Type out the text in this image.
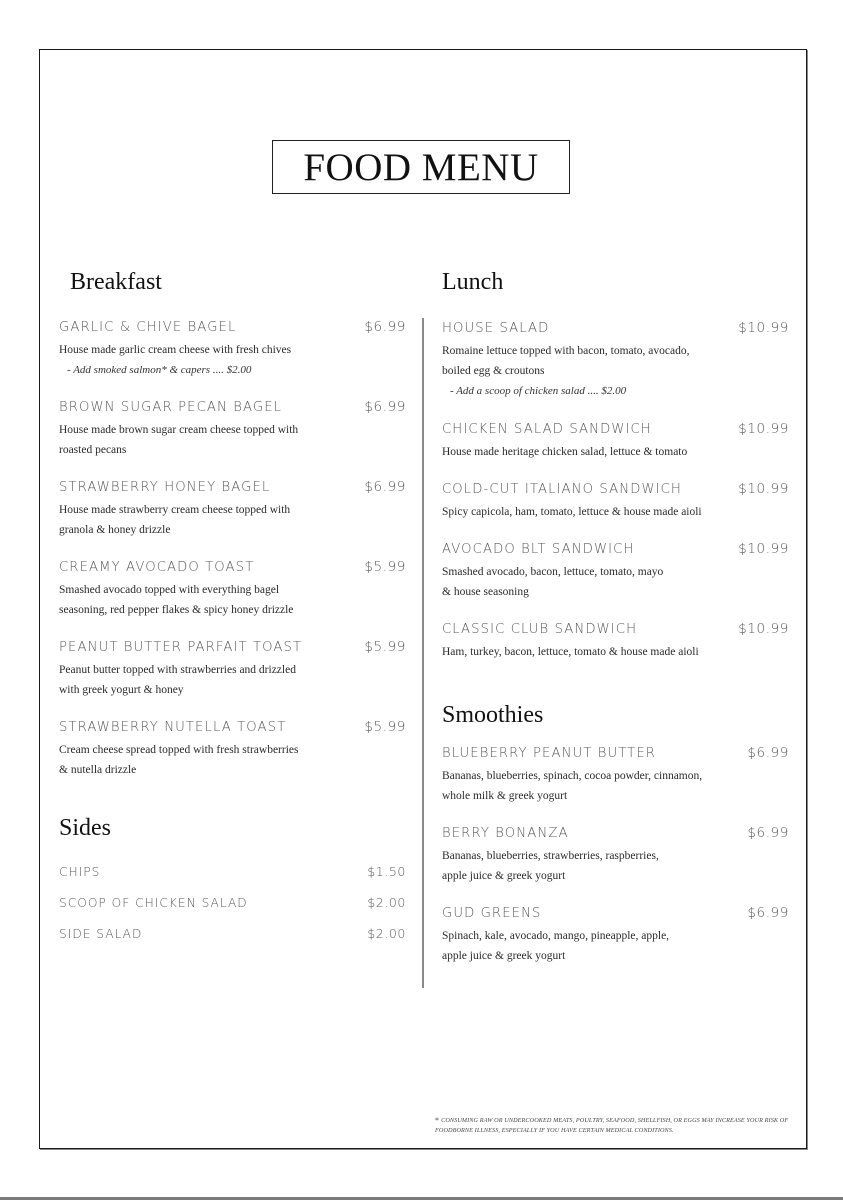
FOOD MENU
Breakfast
GARLIC & CHIVE BAGEL	$6.99
House made garlic cream cheese with fresh chives
- Add smoked salmon* & capers .... $2.00
BROWN SUGAR PECAN BAGEL	$6.99
House made brown sugar cream cheese topped with
roasted pecans
STRAWBERRY HONEY BAGEL	$6.99
House made strawberry cream cheese topped with
granola & honey drizzle
CREAMY AVOCADO TOAST	$5.99
Smashed avocado topped with everything bagel
seasoning, red pepper flakes & spicy honey drizzle
PEANUT BUTTER PARFAIT TOAST	$5.99
Peanut butter topped with strawberries and drizzled
with greek yogurt & honey
STRAWBERRY NUTELLA TOAST	$5.99
Cream cheese spread topped with fresh strawberries
& nutella drizzle
Sides
CHIPS	$1.50
SCOOP OF CHICKEN SALAD	$2.00
SIDE SALAD	$2.00
Lunch
HOUSE SALAD	$10.99
Romaine lettuce topped with bacon, tomato, avocado,
boiled egg & croutons
- Add a scoop of chicken salad .... $2.00
CHICKEN SALAD SANDWICH	$10.99
House made heritage chicken salad, lettuce & tomato
COLD-CUT ITALIANO SANDWICH	$10.99
Spicy capicola, ham, tomato, lettuce & house made aioli
AVOCADO BLT SANDWICH	$10.99
Smashed avocado, bacon, lettuce, tomato, mayo
& house seasoning
CLASSIC CLUB SANDWICH	$10.99
Ham, turkey, bacon, lettuce, tomato & house made aioli
Smoothies
BLUEBERRY PEANUT BUTTER	$6.99
Bananas, blueberries, spinach, cocoa powder, cinnamon,
whole milk & greek yogurt
BERRY BONANZA	$6.99
Bananas, blueberries, strawberries, raspberries,
apple juice & greek yogurt
GUD GREENS	$6.99
Spinach, kale, avocado, mango, pineapple, apple,
apple juice & greek yogurt
* CONSUMING RAW OR UNDERCOOKED MEATS, POULTRY, SEAFOOD, SHELLFISH, OR EGGS MAY INCREASE YOUR RISK OF FOODBORNE ILLNESS, ESPECIALLY IF YOU HAVE CERTAIN MEDICAL CONDITIONS.
